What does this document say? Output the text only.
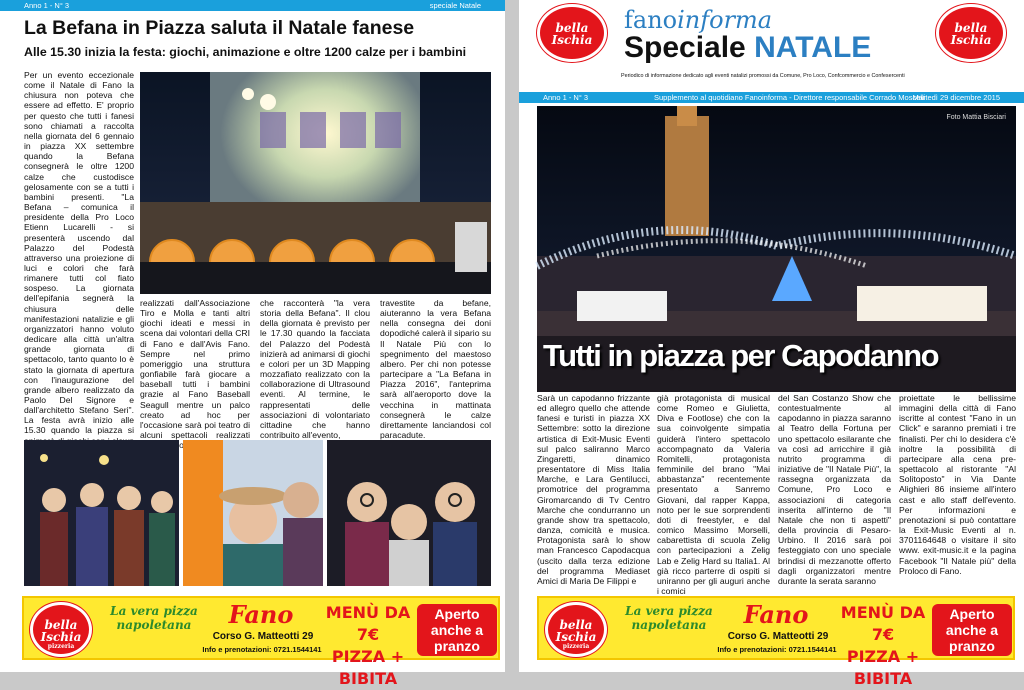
Anno 1 - N° 3	speciale Natale
La Befana in Piazza saluta il Natale fanese
Alle 15.30 inizia la festa: giochi, animazione e oltre 1200 calze per i bambini
Per un evento eccezionale come il Natale di Fano la chiusura non poteva che essere ad effetto. E' proprio per questo che tutti i fanesi sono chiamati a raccolta nella giornata del 6 gennaio in piazza XX settembre quando la Befana consegnerà le oltre 1200 calze che custodisce gelosamente con se a tutti i bambini presenti. "La Befana – comunica il presidente della Pro Loco Etienn Lucarelli - si presenterà uscendo dal Palazzo del Podestà attraverso una proiezione di luci e colori che farà rimanere tutti col fiato sospeso. La giornata dell'epifania segnerà la chiusura delle manifestazioni natalizie e gli organizzatori hanno voluto dedicare alla città un'altra grande giornata di spettacolo, tanto quanto lo è stato la giornata di apertura con l'inaugurazione del grande albero realizzato da Paolo Del Signore e dall'architetto Stefano Seri". La festa avrà inizio alle 15.30 quando la piazza si
realizzati dall'Associazione Tiro e Molla e tanti altri giochi ideati e messi in scena dai volontari della CRI di Fano e dall'Avis Fano. Sempre nel primo pomeriggio una struttura gonfiabile farà giocare a baseball tutti i bambini grazie al Fano Baseball Seagull mentre un palco creato ad hoc per l'occasione sarà poi teatro di alcuni spettacoli realizzati
che racconterà "la vera storia della Befana". Il clou della giornata è previsto per le 17.30 quando la facciata del Palazzo del Podestà inizierà ad animarsi di giochi e colori per un 3D Mapping mozzafiato realizzato con la collaborazione di Ultrasound eventi. Al termine, le rappresentati delle associazioni di volontariato cittadine che hanno contribuito all'evento,
travestite da befane, aiuteranno la vera Befana nella consegna dei doni dopodiché calerà il sipario su Il Natale Più con lo spegnimento del maestoso albero. Per chi non potesse partecipare a "La Befana in Piazza 2016", l'anteprima sarà all'aeroporto dove la vecchina in mattinata consegnerà le calze direttamente lanciandosi col paracadute.
bella
Ischia
pizzeria
La vera pizza napoletana	Fano
Corso G. Matteotti 29
Info e prenotazioni: 0721.1544141
MENÙ DA 7€
PIZZA + BIBITA
Aperto anche a pranzo
bella
Ischia
bella
Ischia
fanoinforma
Speciale NATALE
Periodico di informazione dedicato agli eventi natalizi promossi da Comune, Pro Loco, Confcommercio e Confesercenti
Anno 1 - N° 3	Supplemento al quotidiano Fanoinforma - Direttore responsabile Corrado Moscelli
Martedì 29 dicembre 2015
Foto Mattia Bisciari
Tutti in piazza per Capodanno
Sarà un capodanno frizzante ed allegro quello che attende fanesi e turisti in piazza XX Settembre: sotto la direzione artistica di Exit-Music Eventi sul palco saliranno Marco Zingaretti, dinamico presentatore di Miss Italia Marche, e Lara Gentilucci, promotrice del programma Giromarcando di Tv Centro Marche che condurranno un grande show tra spettacolo, danza, comicità e musica. Protagonista sarà lo show man Francesco Capodacqua (uscito dalla terza edizione del programma Mediaset Amici di Maria De Filippi e
già protagonista di musical come Romeo e Giulietta, Diva e Footlose) che con la sua coinvolgente simpatia guiderà l'intero spettacolo accompagnato da Valeria Romitelli, protagonista femminile del brano "Mai abbastanza" recentemente presentato a Sanremo Giovani, dal rapper Kappa, noto per le sue sorprendenti doti di freestyler, e dal comico Massimo Morselli, cabarettista di scuola Zelig con partecipazioni a Zelig Lab e Zelig Hard su Italia1. Al già ricco parterre di ospiti si uniranno per gli auguri anche i comici
del San Costanzo Show che contestualmente al capodanno in piazza saranno al Teatro della Fortuna per uno spettacolo esilarante che va così ad arricchire il già nutrito programma di iniziative de "Il Natale Più", la rassegna organizzata da Comune, Pro Loco e associazioni di categoria inserita all'interno de "Il Natale che non ti aspetti" della provincia di Pesaro-Urbino. Il 2016 sarà poi festeggiato con uno speciale brindisi di mezzanotte offerto dagli organizzatori mentre durante la serata saranno
proiettate le bellissime immagini della città di Fano iscritte al contest "Fano in un Click" e saranno premiati i tre finalisti. Per chi lo desidera c'è inoltre la possibilità di partecipare alla cena pre-spettacolo al ristorante "Al Solitoposto" in Via Dante Alighieri 86 insieme all'intero cast e allo staff dell'evento. Per informazioni e prenotazioni si può contattare la Exit-Music Eventi al n. 3701164648 o visitare il sito www. exit-music.it e la pagina Facebook "Il Natale più" della Proloco di Fano.
bella
Ischia
pizzeria
La vera pizza napoletana	Fano
Corso G. Matteotti 29
Info e prenotazioni: 0721.1544141
MENÙ DA 7€
PIZZA + BIBITA
Aperto anche a pranzo
